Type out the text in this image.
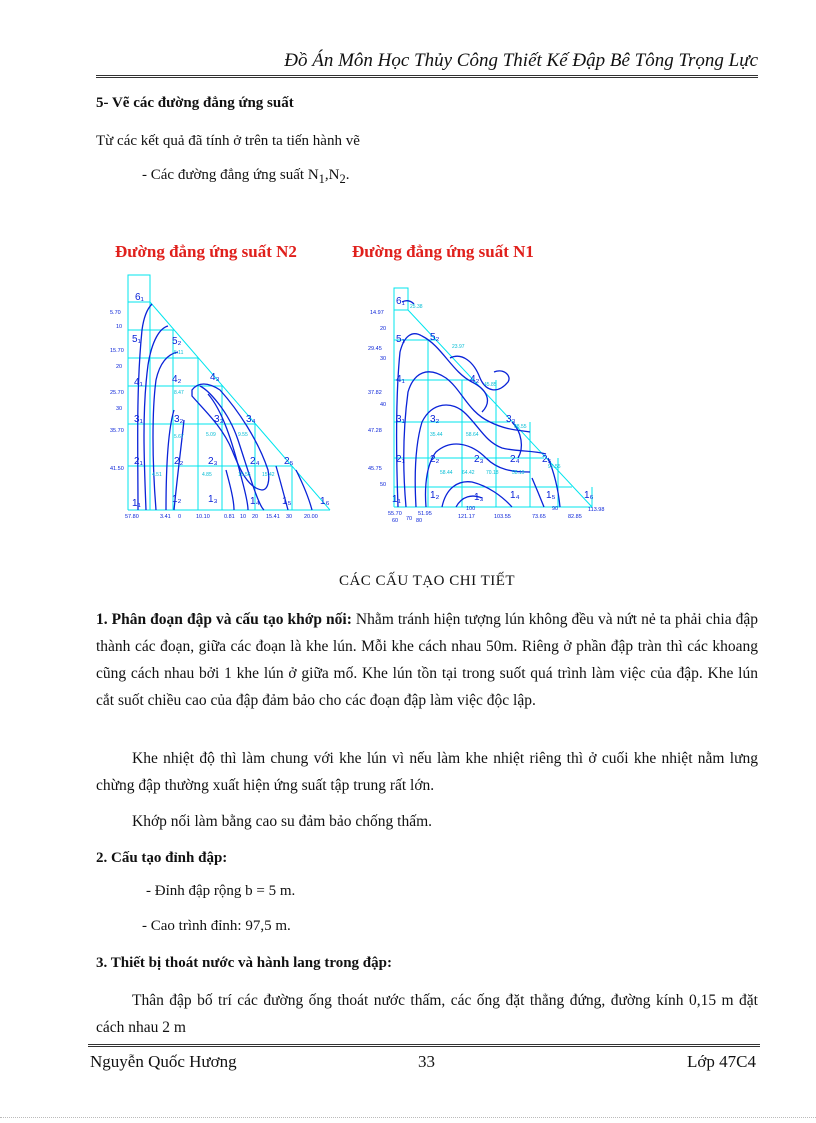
Đồ Án Môn Học Thủy Công Thiết Kế Đập Bê Tông Trọng Lực
5- Vẽ các đường đẳng ứng suất
Từ các kết quả đã tính ở trên ta tiến hành vẽ
- Các đường đẳng ứng suất $N_1,N_2$.
Đường đẳng ứng suất N2	Đường đẳng ứng suất N1
6₁
5₁	5₂
4₁	4₂	4₃
3₁	3₂	3₃ 3₄
2₁	2₂ 2₃	2₄ 2₅
1₁	1₂	1₃	1₄ 1₅	1₆
5.70
10
15.70
20
25.70
30
35.70
41.50
57.80	3.41 0	10.10	0.81 10 20 15.41 30 20.00
5.11
8.47
5.67	5.09	9.55
4.85	15.56 15.42
4.51
6₁
5₁	5₂
4₁	4₂
3₁	3₂	3₃
2₁	2₂	2₃	2₄ 2₅
1₁	1₂	1₃	1₄	1₅	1₆
14.97
20
29.45
30
37.82
40
47.28
45.75
50
55.70
60 70 80
51.95	121.17
100
103.55	73.65
90
82.85
113.98
25.38
23.97
45.85
68.55
35.44	58.64
58.44 64.42 70.18
92.55
58.19
CÁC CẤU TẠO CHI TIẾT
1. Phân đoạn đập và cấu tạo khớp nối: Nhằm tránh hiện tượng lún không đều và nứt nẻ ta phải chia đập thành các đoạn, giữa các đoạn là khe lún. Mỗi khe cách nhau 50m. Riêng ở phần đập tràn thì các khoang cũng cách nhau bởi 1 khe lún ở giữa mố. Khe lún tồn tại trong suốt quá trình làm việc của đập. Khe lún cắt suốt chiều cao của đập đảm bảo cho các đoạn đập làm việc độc lập.
Khe nhiệt độ thì làm chung với khe lún vì nếu làm khe nhiệt riêng thì ở cuối khe nhiệt nằm lưng chừng đập thường xuất hiện ứng suất tập trung rất lớn.
Khớp nối làm bằng cao su đảm bảo chống thấm.
2. Cấu tạo đỉnh đập:
- Đỉnh đập rộng b = 5 m.
- Cao trình đỉnh: 97,5 m.
3. Thiết bị thoát nước và hành lang trong đập:
Thân đập bố trí các đường ống thoát nước thấm, các ống đặt thẳng đứng, đường kính 0,15 m đặt cách nhau 2 m
Nguyễn Quốc Hương	33	Lớp 47C4
